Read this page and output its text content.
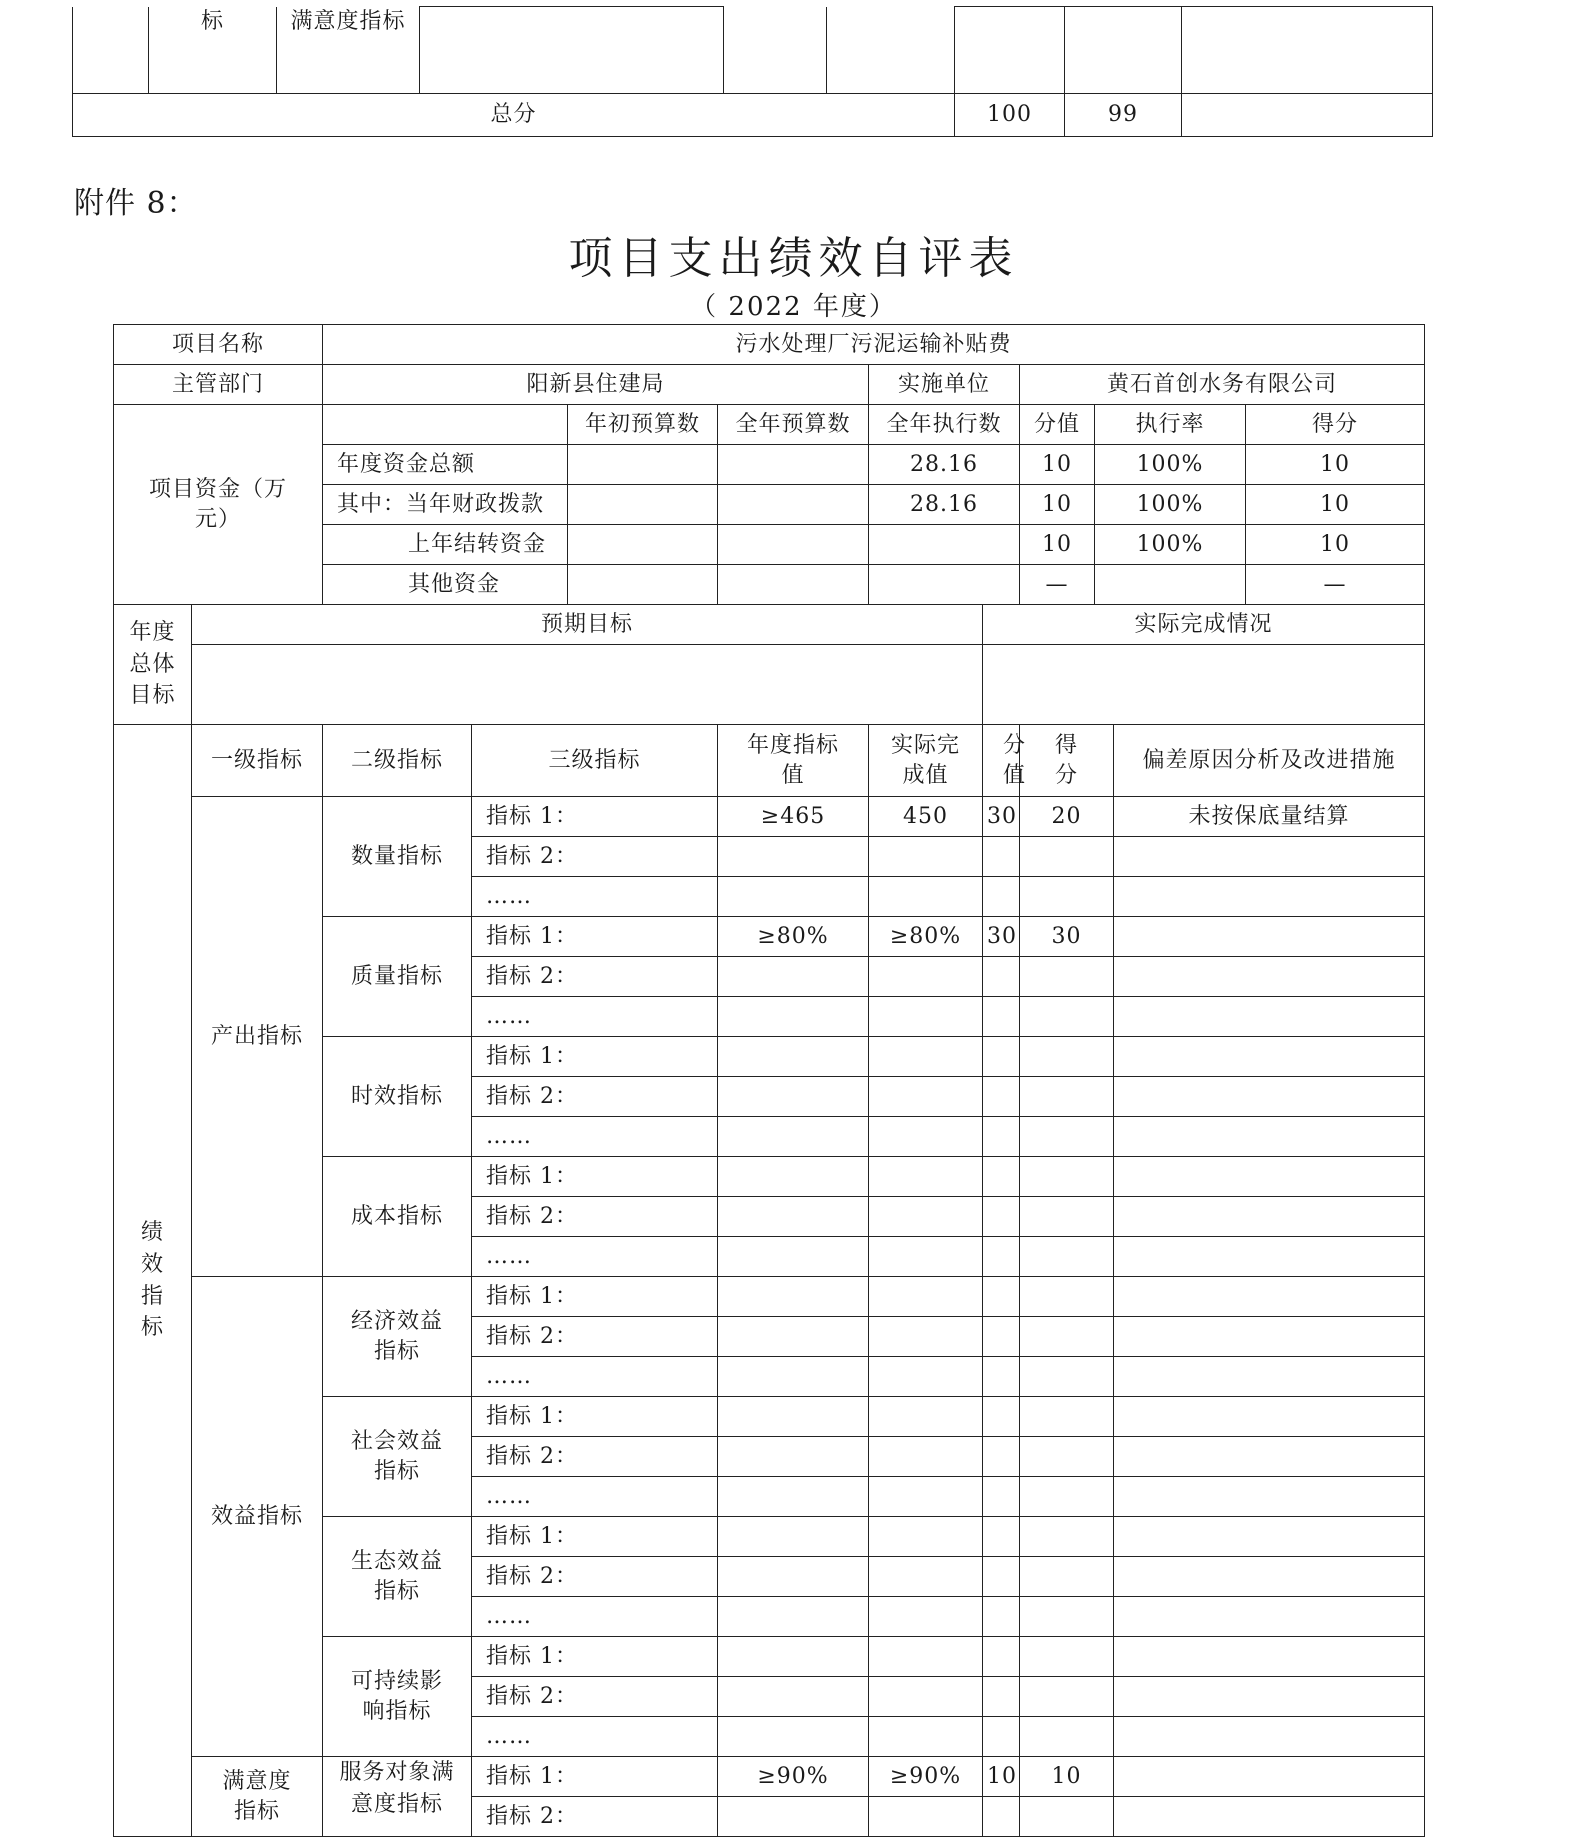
	标	满意度指标						
总分						100	99	
附件 8：
项目支出绩效自评表
（ 2022 年度）
项目名称		污水处理厂污泥运输补贴费									
主管部门		阳新县住建局				实施单位		黄石首创水务有限公司			
项目资金（万元）				年初预算数	全年预算数	全年执行数		分值	执行率		得分
		年度资金总额				28.16		10	100%		10
		其中：当年财政拨款				28.16		10	100%		10
		上年结转资金						10	100%		10
		其他资金						—			—
年度总体目标	预期目标						实际完成情况				

绩效指标	一级指标	二级指标	三级指标		年度指标值	实际完成值	分值	得分		偏差原因分析及改进措施	
	产出指标	数量指标	指标 1：		≥465	450	30	20		未按保底量结算	
			指标 2：								
			……								
		质量指标	指标 1：		≥80%	≥80%	30	30			
			指标 2：								
			……								
		时效指标	指标 1：								
			指标 2：								
			……								
		成本指标	指标 1：								
			指标 2：								
			……								
	效益指标	经济效益指标	指标 1：								
			指标 2：								
			……								
		社会效益指标	指标 1：								
			指标 2：								
			……								
		生态效益指标	指标 1：								
			指标 2：								
			……								
		可持续影响指标	指标 1：								
			指标 2：								
			……								
	满意度指标	服务对象满意度指标	指标 1：		≥90%	≥90%	10	10			
			指标 2：								
